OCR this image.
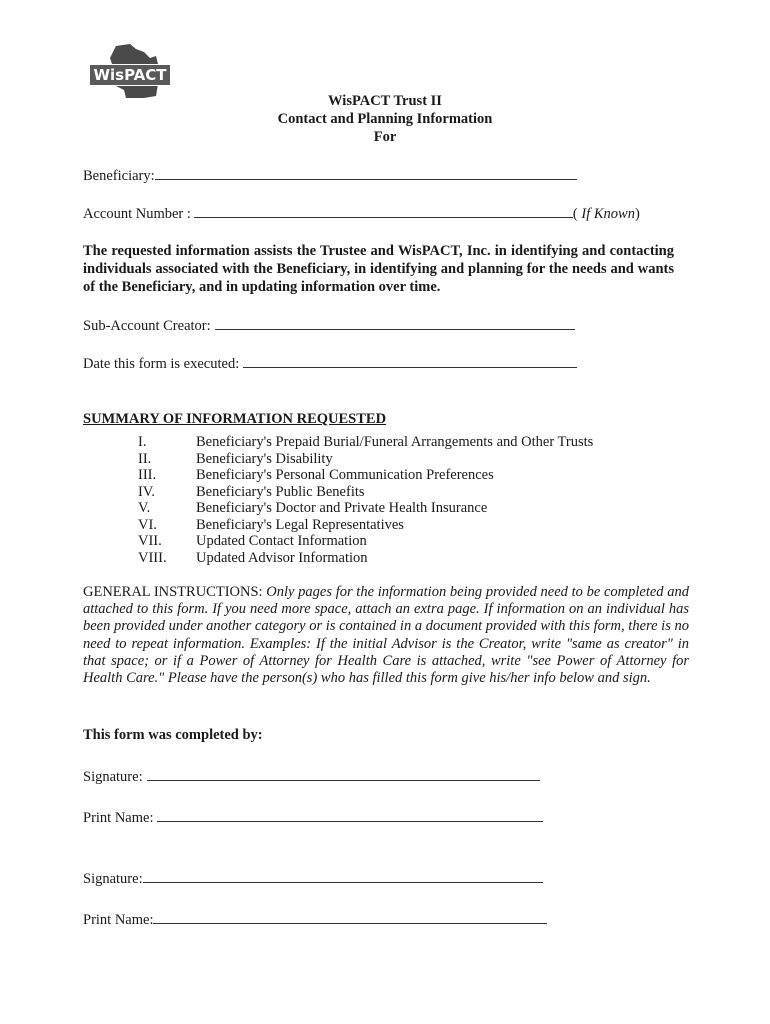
WisPACT
WisPACT Trust II
Contact and Planning Information
For
Beneficiary:
Account Number :	( If Known)
The requested information assists the Trustee and WisPACT, Inc. in identifying and contacting individuals associated with the Beneficiary, in identifying and planning for the needs and wants of the Beneficiary, and in updating information over time.
Sub-Account Creator:
Date this form is executed:
SUMMARY OF INFORMATION REQUESTED
I.	Beneficiary's Prepaid Burial/Funeral Arrangements and Other Trusts
II.	Beneficiary's Disability
III.	Beneficiary's Personal Communication Preferences
IV.	Beneficiary's Public Benefits
V.	Beneficiary's Doctor and Private Health Insurance
VI.	Beneficiary's Legal Representatives
VII. Updated Contact Information
VIII. Updated Advisor Information
GENERAL INSTRUCTIONS: Only pages for the information being provided need to be completed and attached to this form. If you need more space, attach an extra page. If information on an individual has been provided under another category or is contained in a document provided with this form, there is no need to repeat information. Examples: If the initial Advisor is the Creator, write "same as creator" in that space; or if a Power of Attorney for Health Care is attached, write "see Power of Attorney for Health Care." Please have the person(s) who has filled this form give his/her info below and sign.
This form was completed by:
Signature:
Print Name:
Signature:
Print Name:
